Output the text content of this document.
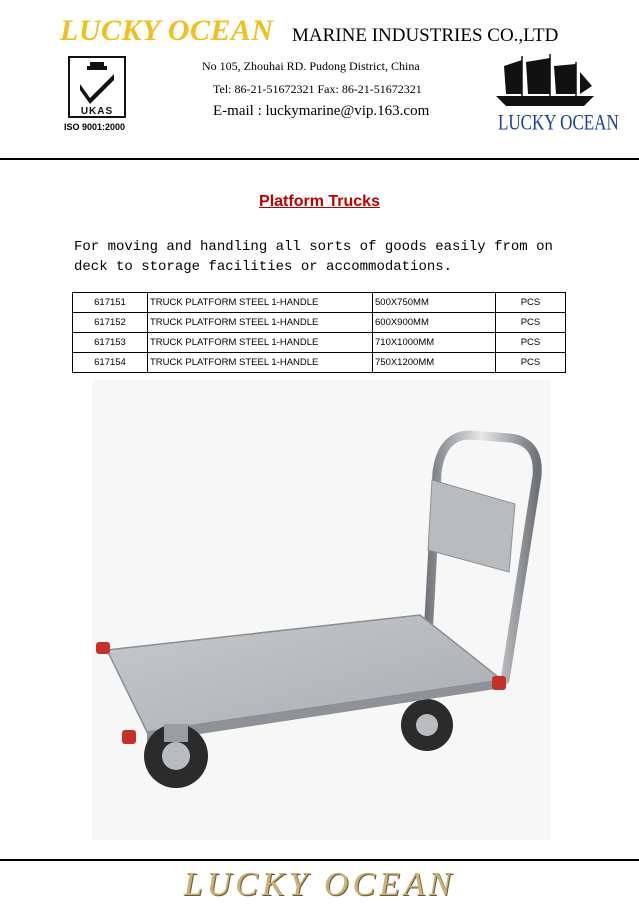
LUCKY OCEAN MARINE INDUSTRIES CO.,LTD
UKAS
ISO 9001:2000
No 105, Zhouhai RD. Pudong District, China
Tel: 86-21-51672321 Fax: 86-21-51672321
E-mail : luckymarine@vip.163.com	LUCKY OCEAN
Platform Trucks
For moving and handling all sorts of goods easily from on deck to storage facilities or accommodations.
617151	TRUCK PLATFORM STEEL 1-HANDLE	500X750MM	PCS
617152	TRUCK PLATFORM STEEL 1-HANDLE	600X900MM	PCS
617153	TRUCK PLATFORM STEEL 1-HANDLE	710X1000MM	PCS
617154	TRUCK PLATFORM STEEL 1-HANDLE	750X1200MM	PCS
LUCKY OCEAN
